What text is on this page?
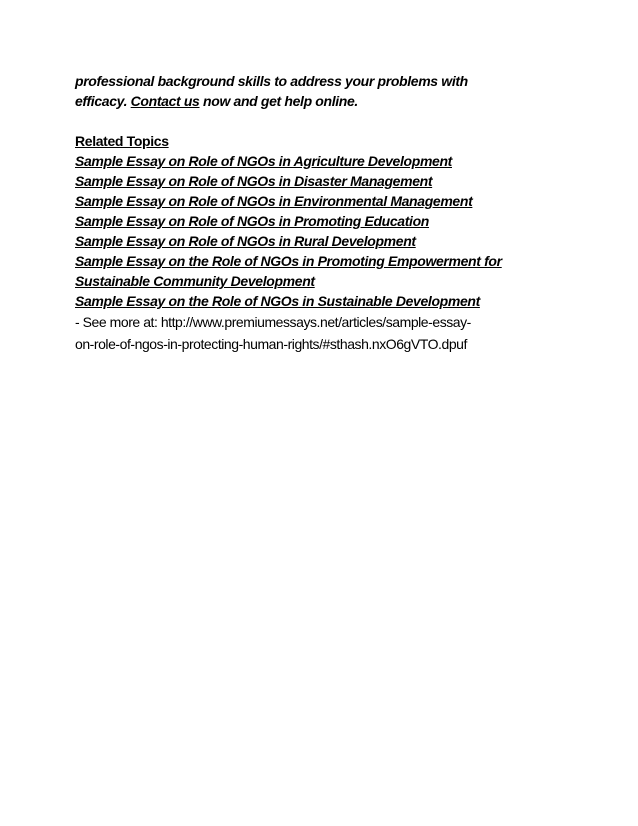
professional background skills to address your problems with
efficacy. Contact us now and get help online.
Related Topics
Sample Essay on Role of NGOs in Agriculture Development
Sample Essay on Role of NGOs in Disaster Management
Sample Essay on Role of NGOs in Environmental Management
Sample Essay on Role of NGOs in Promoting Education
Sample Essay on Role of NGOs in Rural Development
Sample Essay on the Role of NGOs in Promoting Empowerment for
Sustainable Community Development
Sample Essay on the Role of NGOs in Sustainable Development
- See more at: http://www.premiumessays.net/articles/sample-essay-
on-role-of-ngos-in-protecting-human-rights/#sthash.nxO6gVTO.dpuf
